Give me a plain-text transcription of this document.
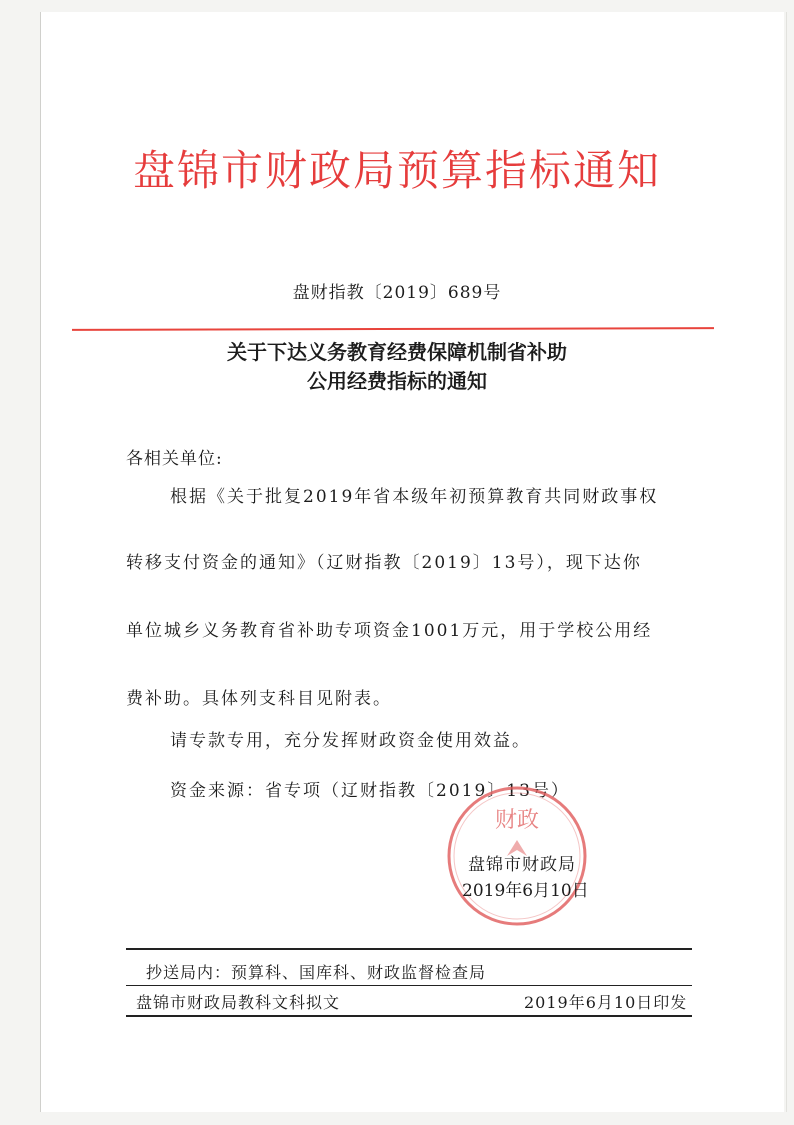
盘锦市财政局预算指标通知
盘财指教〔2019〕689号
关于下达义务教育经费保障机制省补助
公用经费指标的通知
各相关单位:
根据《关于批复2019年省本级年初预算教育共同财政事权
转移支付资金的通知》（辽财指教〔2019〕13号），现下达你
单位城乡义务教育省补助专项资金1001万元，用于学校公用经
费补助。具体列支科目见附表。
请专款专用，充分发挥财政资金使用效益。
资金来源：省专项（辽财指教〔2019〕13号）
财政
盘锦市财政局
2019年6月10日
抄送局内：预算科、国库科、财政监督检查局
盘锦市财政局教科文科拟文	2019年6月10日印发
